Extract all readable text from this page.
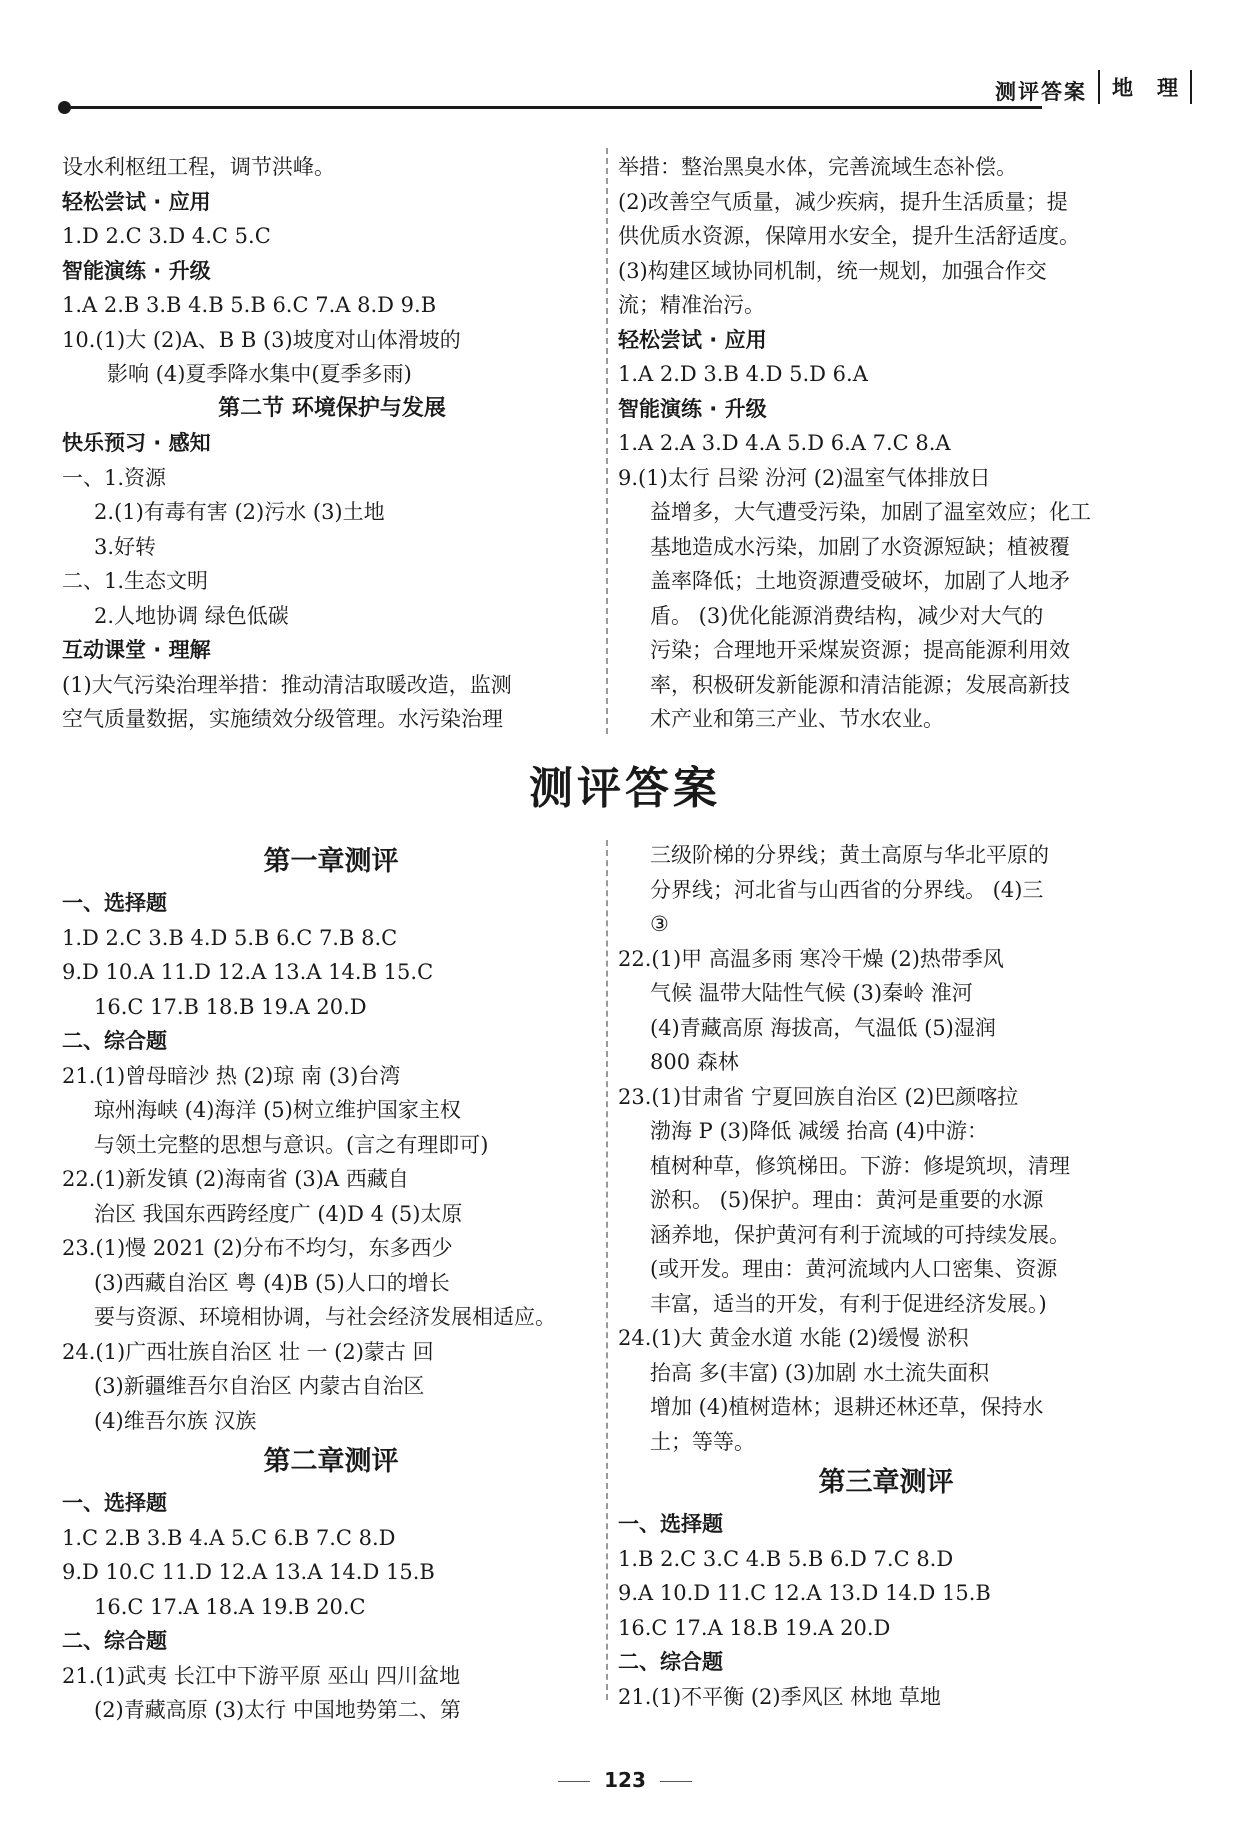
测评答案 地 理
设水利枢纽工程，调节洪峰。
轻松尝试 · 应用
1.D 2.C 3.D 4.C 5.C
智能演练 · 升级
1.A 2.B 3.B 4.B 5.B 6.C 7.A 8.D 9.B
10.(1)大 (2)A、B B (3)坡度对山体滑坡的
影响 (4)夏季降水集中(夏季多雨)
第二节 环境保护与发展
快乐预习 · 感知
一、1.资源
2.(1)有毒有害 (2)污水 (3)土地
3.好转
二、1.生态文明
2.人地协调 绿色低碳
互动课堂 · 理解
(1)大气污染治理举措：推动清洁取暖改造，监测
空气质量数据，实施绩效分级管理。水污染治理
举措：整治黑臭水体，完善流域生态补偿。
(2)改善空气质量，减少疾病，提升生活质量；提
供优质水资源，保障用水安全，提升生活舒适度。
(3)构建区域协同机制，统一规划，加强合作交
流；精准治污。
轻松尝试 · 应用
1.A 2.D 3.B 4.D 5.D 6.A
智能演练 · 升级
1.A 2.A 3.D 4.A 5.D 6.A 7.C 8.A
9.(1)太行 吕梁 汾河 (2)温室气体排放日
益增多，大气遭受污染，加剧了温室效应；化工
基地造成水污染，加剧了水资源短缺；植被覆
盖率降低；土地资源遭受破坏，加剧了人地矛
盾。 (3)优化能源消费结构，减少对大气的
污染；合理地开采煤炭资源；提高能源利用效
率，积极研发新能源和清洁能源；发展高新技
术产业和第三产业、节水农业。
测评答案
第一章测评
一、选择题
1.D 2.C 3.B 4.D 5.B 6.C 7.B 8.C
9.D 10.A 11.D 12.A 13.A 14.B 15.C
16.C 17.B 18.B 19.A 20.D
二、综合题
21.(1)曾母暗沙 热 (2)琼 南 (3)台湾
琼州海峡 (4)海洋 (5)树立维护国家主权
与领土完整的思想与意识。(言之有理即可)
22.(1)新发镇 (2)海南省 (3)A 西藏自
治区 我国东西跨经度广 (4)D 4 (5)太原
23.(1)慢 2021 (2)分布不均匀，东多西少
(3)西藏自治区 粤 (4)B (5)人口的增长
要与资源、环境相协调，与社会经济发展相适应。
24.(1)广西壮族自治区 壮 一 (2)蒙古 回
(3)新疆维吾尔自治区 内蒙古自治区
(4)维吾尔族 汉族
第二章测评
一、选择题
1.C 2.B 3.B 4.A 5.C 6.B 7.C 8.D
9.D 10.C 11.D 12.A 13.A 14.D 15.B
16.C 17.A 18.A 19.B 20.C
二、综合题
21.(1)武夷 长江中下游平原 巫山 四川盆地
(2)青藏高原 (3)太行 中国地势第二、第
三级阶梯的分界线；黄土高原与华北平原的
分界线；河北省与山西省的分界线。 (4)三
③
22.(1)甲 高温多雨 寒冷干燥 (2)热带季风
气候 温带大陆性气候 (3)秦岭 淮河
(4)青藏高原 海拔高，气温低 (5)湿润
800 森林
23.(1)甘肃省 宁夏回族自治区 (2)巴颜喀拉
渤海 P (3)降低 减缓 抬高 (4)中游：
植树种草，修筑梯田。下游：修堤筑坝，清理
淤积。 (5)保护。理由：黄河是重要的水源
涵养地，保护黄河有利于流域的可持续发展。
(或开发。理由：黄河流域内人口密集、资源
丰富，适当的开发，有利于促进经济发展。)
24.(1)大 黄金水道 水能 (2)缓慢 淤积
抬高 多(丰富) (3)加剧 水土流失面积
增加 (4)植树造林；退耕还林还草，保持水
土；等等。
第三章测评
一、选择题
1.B 2.C 3.C 4.B 5.B 6.D 7.C 8.D
9.A 10.D 11.C 12.A 13.D 14.D 15.B
16.C 17.A 18.B 19.A 20.D
二、综合题
21.(1)不平衡 (2)季风区 林地 草地
123
